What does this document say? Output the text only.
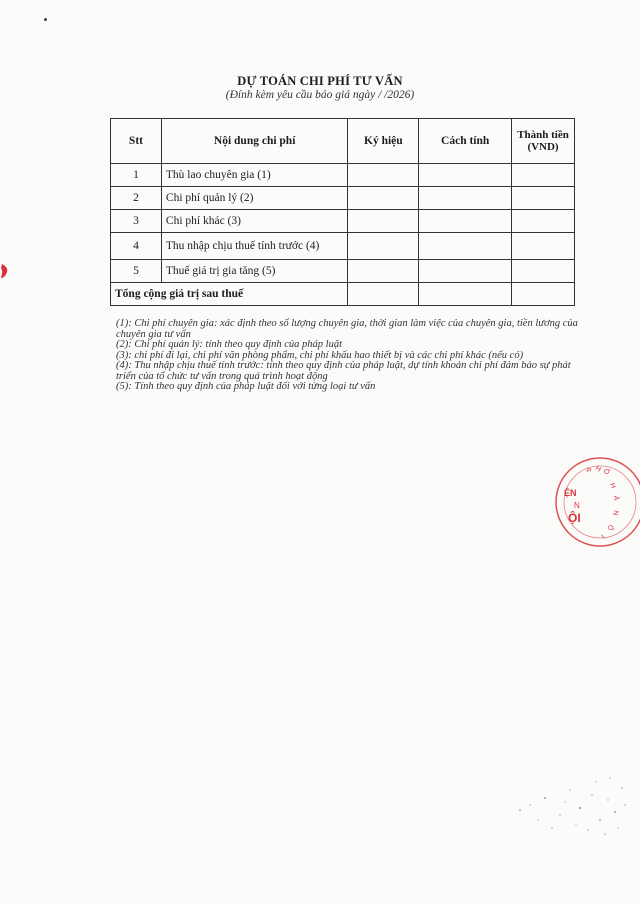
DỰ TOÁN CHI PHÍ TƯ VẤN
(Đính kèm yêu cầu báo giá ngày / /2026)
Stt	Nội dung chi phí	Ký hiệu	Cách tính	Thành tiền (VND)
1	Thù lao chuyên gia (1)			
2	Chi phí quản lý (2)			
3	Chi phí khác (3)			
4	Thu nhập chịu thuế tính trước (4)			
5	Thuế giá trị gia tăng (5)			
Tổng cộng giá trị sau thuế				
(1): Chi phí chuyên gia: xác định theo số lượng chuyên gia, thời gian làm việc của chuyên gia, tiền lương của chuyên gia tư vấn
(2): Chi phí quản lý: tính theo quy định của pháp luật
(3): chi phí đi lại, chi phí văn phòng phẩm, chi phí khấu hao thiết bị và các chi phí khác (nếu có)
(4): Thu nhập chịu thuế tính trước: tính theo quy định của pháp luật, dự tính khoản chi phí đảm bảo sự phát triển của tổ chức tư vấn trong quá trình hoạt động
(5): Tính theo quy định của pháp luật đối với từng loại tư vấn
P H Ố
H
À
N
Ộ
I
ỆN
N
ỘI
